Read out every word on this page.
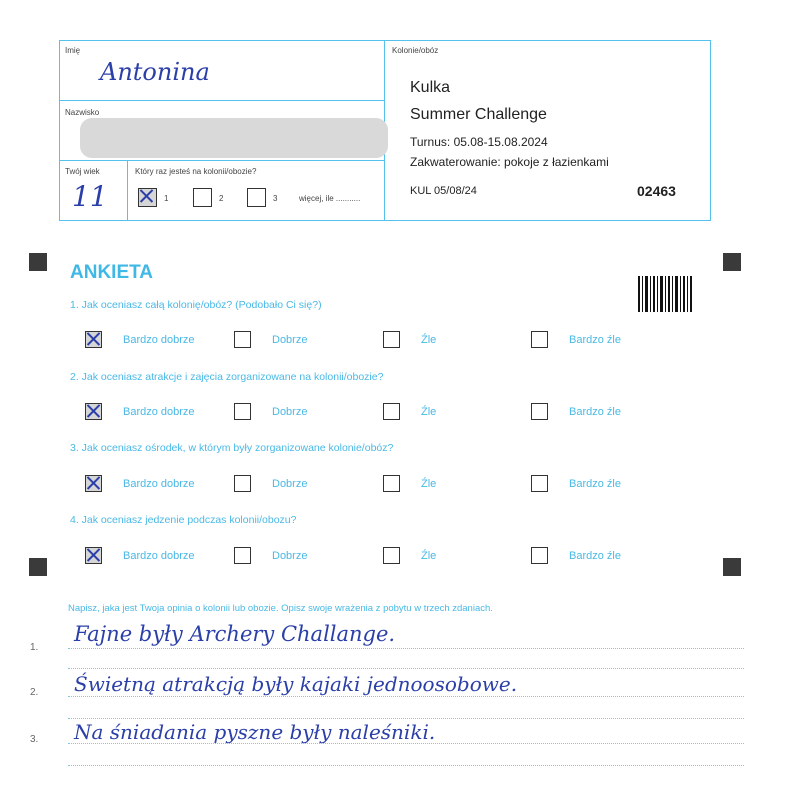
Imię
Antonina
Nazwisko
Twój wiek
11
Który raz jesteś na kolonii/obozie?
1	2	3	więcej, ile ...........
Kolonie/obóz
Kulka
Summer Challenge
Turnus: 05.08-15.08.2024
Zakwaterowanie: pokoje z łazienkami
KUL 05/08/24	02463
ANKIETA
1. Jak oceniasz całą kolonię/obóz? (Podobało Ci się?)
Bardzo dobrze	Dobrze	Źle	Bardzo źle
2. Jak oceniasz atrakcje i zajęcia zorganizowane na kolonii/obozie?
Bardzo dobrze	Dobrze	Źle	Bardzo źle
3. Jak oceniasz ośrodek, w którym były zorganizowane kolonie/obóz?
Bardzo dobrze	Dobrze	Źle	Bardzo źle
4. Jak oceniasz jedzenie podczas kolonii/obozu?
Bardzo dobrze	Dobrze	Źle	Bardzo źle
Napisz, jaka jest Twoja opinia o kolonii lub obozie. Opisz swoje wrażenia z pobytu w trzech zdaniach.
1.
Fajne były Archery Challange.
2. Świetną atrakcją były kajaki jednoosobowe.
3. Na śniadania pyszne były naleśniki.
